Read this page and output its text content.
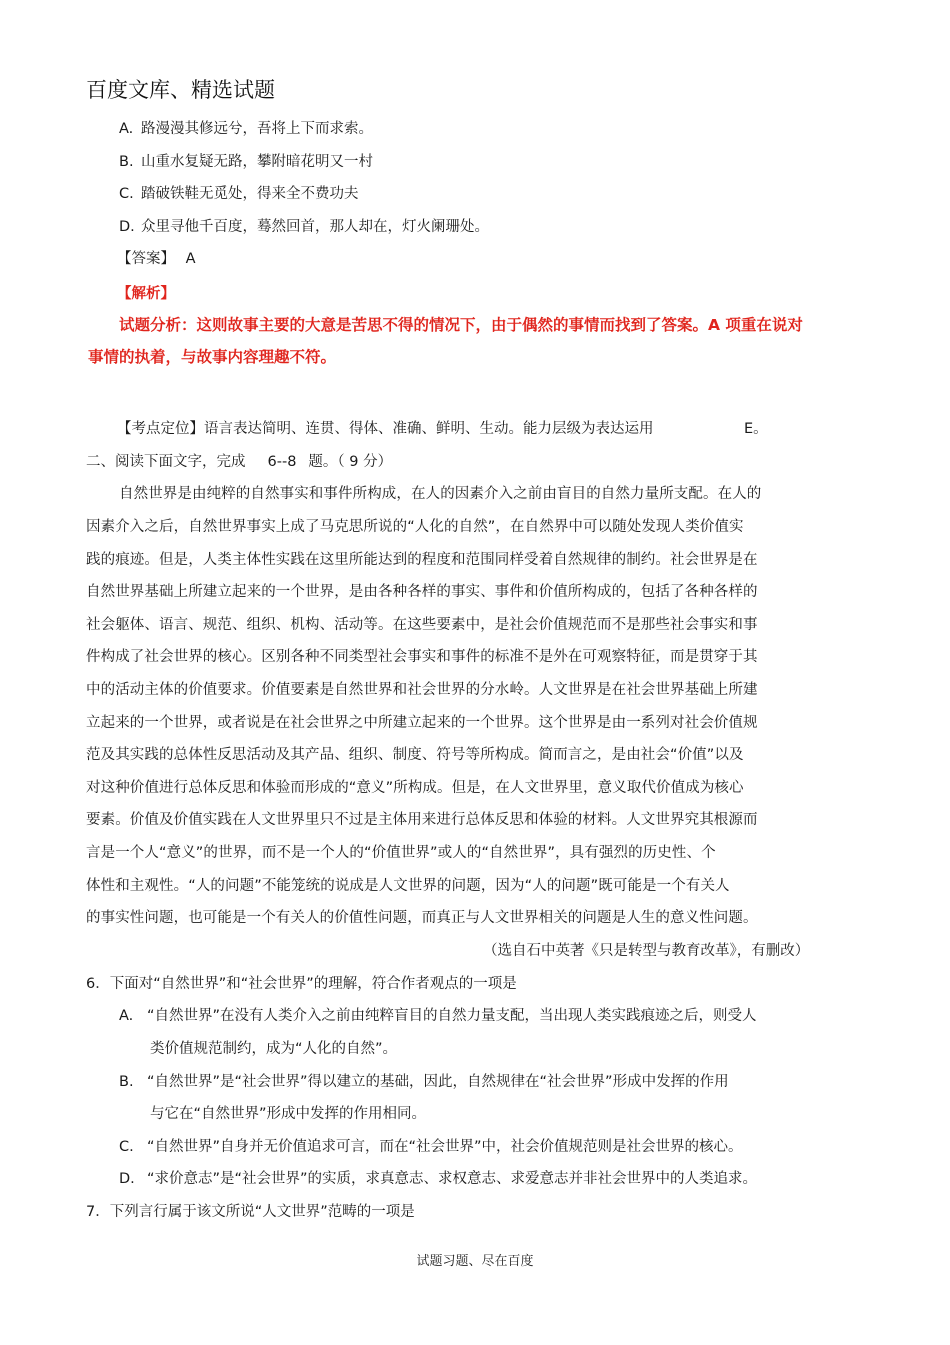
百度文库、精选试题
A. 路漫漫其修远兮，吾将上下而求索。
B. 山重水复疑无路，攀附暗花明又一村
C. 踏破铁鞋无觅处，得来全不费功夫
D. 众里寻他千百度，蓦然回首，那人却在，灯火阑珊处。
【答案】 A
【解析】
试题分析：这则故事主要的大意是苦思不得的情况下，由于偶然的事情而找到了答案。A 项重在说对
事情的执着，与故事内容理趣不符。
【考点定位】语言表达简明、连贯、得体、准确、鲜明、生动。能力层级为表达运用	E。
二、阅读下面文字，完成 6--8 题。（ 9 分）
自然世界是由纯粹的自然事实和事件所构成，在人的因素介入之前由盲目的自然力量所支配。在人的
因素介入之后，自然世界事实上成了马克思所说的“人化的自然”，在自然界中可以随处发现人类价值实
践的痕迹。但是，人类主体性实践在这里所能达到的程度和范围同样受着自然规律的制约。社会世界是在
自然世界基础上所建立起来的一个世界，是由各种各样的事实、事件和价值所构成的，包括了各种各样的
社会躯体、语言、规范、组织、机构、活动等。在这些要素中，是社会价值规范而不是那些社会事实和事
件构成了社会世界的核心。区别各种不同类型社会事实和事件的标准不是外在可观察特征，而是贯穿于其
中的活动主体的价值要求。价值要素是自然世界和社会世界的分水岭。人文世界是在社会世界基础上所建
立起来的一个世界，或者说是在社会世界之中所建立起来的一个世界。这个世界是由一系列对社会价值规
范及其实践的总体性反思活动及其产品、组织、制度、符号等所构成。简而言之，是由社会“价值”以及
对这种价值进行总体反思和体验而形成的“意义”所构成。但是，在人文世界里，意义取代价值成为核心
要素。价值及价值实践在人文世界里只不过是主体用来进行总体反思和体验的材料。人文世界究其根源而
言是一个人“意义”的世界，而不是一个人的“价值世界”或人的“自然世界”，具有强烈的历史性、个
体性和主观性。“人的问题”不能笼统的说成是人文世界的问题，因为“人的问题”既可能是一个有关人
的事实性问题，也可能是一个有关人的价值性问题，而真正与人文世界相关的问题是人生的意义性问题。
（选自石中英著《只是转型与教育改革》，有删改）
6．下面对“自然世界”和“社会世界”的理解，符合作者观点的一项是
A. “自然世界”在没有人类介入之前由纯粹盲目的自然力量支配，当出现人类实践痕迹之后，则受人
类价值规范制约，成为“人化的自然”。
B. “自然世界”是“社会世界”得以建立的基础，因此，自然规律在“社会世界”形成中发挥的作用
与它在“自然世界”形成中发挥的作用相同。
C. “自然世界”自身并无价值追求可言，而在“社会世界”中，社会价值规范则是社会世界的核心。
D. “求价意志”是“社会世界”的实质，求真意志、求权意志、求爱意志并非社会世界中的人类追求。
7．下列言行属于该文所说“人文世界”范畴的一项是
试题习题、尽在百度
